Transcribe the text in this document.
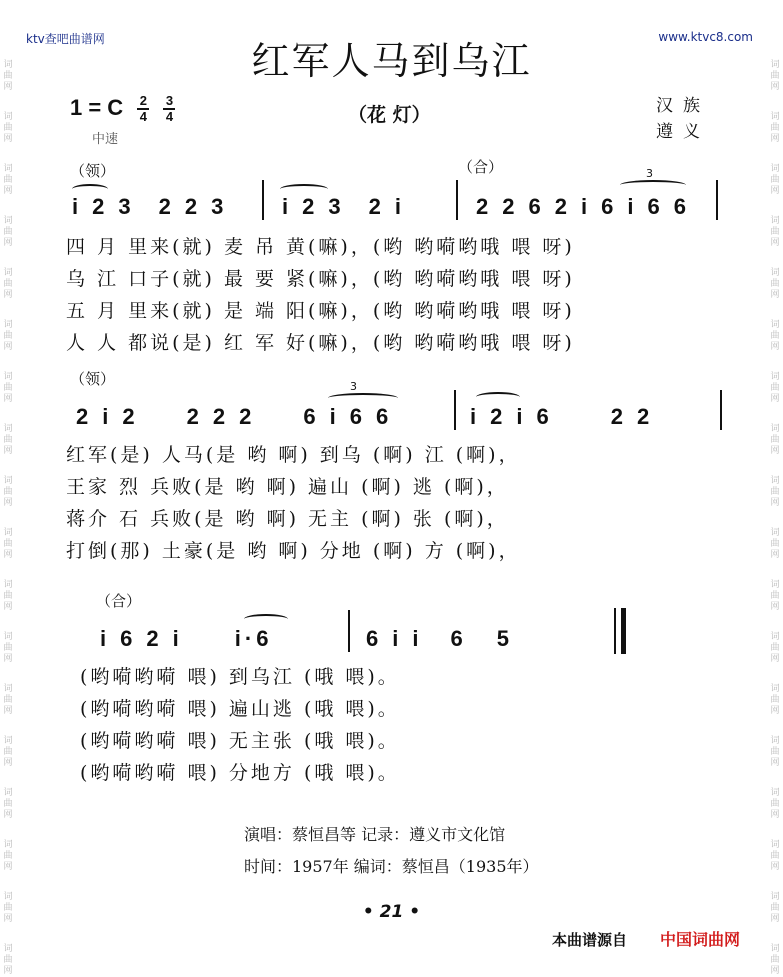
词
曲
网
词
曲
网
词
曲
网
词
曲
网
词
曲
网
词
曲
网
词
曲
网
词
曲
网
词
曲
网
词
曲
网
词
曲
网
词
曲
网
词
曲
网
词
曲
网
词
曲
网
词
曲
网
词
曲
网
词
曲
网
词
曲
网
词
曲
网
词
曲
网
词
曲
网
词
曲
网
词
曲
网
词
曲
网
词
曲
网
词
曲
网
词
曲
网
词
曲
网
词
曲
网
词
曲
网
词
曲
网
词
曲
网
词
曲
网
词
曲
网
词
曲
网
ktv查吧曲谱网	www.ktvc8.com
红军人马到乌江
1 = C $\frac{2}{4}$
$\frac{3}{4}$	（花 灯）	汉族
遵义
中速
（领）	（合）	3
i 2 3 2 2 3	i 2 3 2 i	2 2 6 2 i 6 i 6 6
四 月 里来(就) 麦 吊 黄(嘛)，(哟 哟嗬哟哦 喂 呀)
乌 江 口子(就) 最 要 紧(嘛)，(哟 哟嗬哟哦 喂 呀)
五 月 里来(就) 是 端 阳(嘛)，(哟 哟嗬哟哦 喂 呀)
人 人 都说(是) 红 军 好(嘛)，(哟 哟嗬哟哦 喂 呀)
（领）	3
2 i 2 2 2 2 6 i 6 6	i 2 i 6	2 2
红军(是) 人马(是 哟 啊) 到乌 (啊) 江 (啊)，
王家 烈 兵败(是 哟 啊) 遍山 (啊) 逃 (啊)，
蒋介 石 兵败(是 哟 啊) 无主 (啊) 张 (啊)，
打倒(那) 土豪(是 哟 啊) 分地 (啊) 方 (啊)，
（合）
i 6 2 i i·6	6 i i 6 5
(哟嗬哟嗬 喂) 到乌江 (哦 喂)。
(哟嗬哟嗬 喂) 遍山逃 (哦 喂)。
(哟嗬哟嗬 喂) 无主张 (哦 喂)。
(哟嗬哟嗬 喂) 分地方 (哦 喂)。
演唱：蔡恒昌等 记录：遵义市文化馆
时间：1957年 编词：蔡恒昌（1935年）
• 21 •
本曲谱源自 中国词曲网
